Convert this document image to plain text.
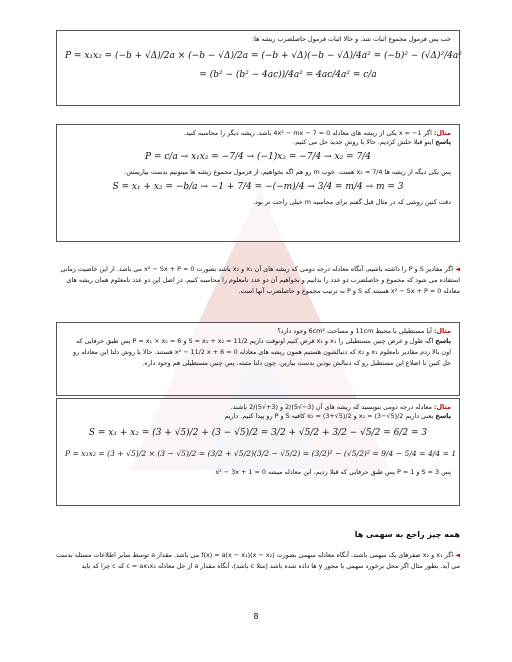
خب پس فرمول مجموع اثبات شد. و حالا اثبات فرمول حاصلضرب ریشه ها:
P = x₁x₂ = (−b + √Δ)/2a × (−b − √Δ)/2a = (−b + √Δ)(−b − √Δ)/4a² = (−b)² − (√Δ)²/4a²
= (b² − (b² − 4ac))/4a² = 4ac/4a² = c/a
مثال: اگر x = −1 یکی از ریشه های معادله 4x² − mx − 7 = 0 باشد، ریشه دیگر را محاسبه کنید.
پاسخ اینو قبلا حلش کردیم. حالا با روش جدید حل می کنیم.
P = c/a → x₁x₂ = −7/4 → (−1)x₂ = −7/4 → x₂ = 7/4
پس یکی دیگه از ریشه ها x₂ = 7/4 هست. خوب m رو هم اگه بخواهیم، از فرمول مجموع ریشه ها میتونیم بدست بیاریمش.
S = x₁ + x₂ = −b/a → −1 + 7/4 = −(−m)/4 → 3/4 = m/4 → m = 3
دقت کنین روشی که در مثال قبل گفتم برای محاسبه m خیلی راحت تر بود.
◄ اگر مقادیر S و P را داشته باشیم، آنگاه معادله درجه دومی که ریشه های آن x₁ و x₂ باشد بصورت x² − Sx + P = 0 می باشد. از این خاصیت زمانی استفاده می شود که مجموع و حاصلضرب دو عدد را بدانیم و بخواهیم آن دو عدد نامعلوم را محاسبه کنیم. در اصل این دو عدد نامعلوم همان ریشه های معادله x² − Sx + P = 0 هستند که S و P به ترتیب مجموع و حاصلضرب آنها است.
مثال: آیا مستطیلی با محیط 11cm و مساحت 6cm² وجود دارد؟
پاسخ اگه طول و عرض چنین مستطیلی را x₁ و x₂ فرض کنیم اونوقت داریم S = x₁ + x₂ = 11/2 و P = x₁ × x₂ = 6 پس طبق حرفایی که اون بالا زدم مقادیر نامعلوم x₁ و x₂ که دنبالشون هستیم همون ریشه های معادله x² − 11/2 x + 6 = 0 هستند. حالا با روش دلتا این معادله رو حل کنین تا اضلاع این مستطیل رو که دنبالش بودین بدست بیارین. چون دلتا مثبته، پس چنین مستطیلی هم وجود داره.
مثال: معادله درجه دومی بنویسید که ریشه های آن (3−√5)/2 و (3+√5)/2 باشند.
پاسخ یعنی داریم x₁ = (3−√5)/2 و x₂ = (3+√5)/2 کافیه S و P رو پیدا کنیم. داریم
S = x₁ + x₂ = (3 + √5)/2 + (3 − √5)/2 = 3/2 + √5/2 + 3/2 − √5/2 = 6/2 = 3
P = x₁x₂ = (3 + √5)/2 × (3 − √5)/2 = (3/2 + √5/2)(3/2 − √5/2) = (3/2)² − (√5/2)² = 9/4 − 5/4 = 4/4 = 1
پس S = 3 و P = 1 پس طبق حرفایی که قبلا زدیم، این معادله میشه x² − 3x + 1 = 0
همه چیز راجع به سهمی ها
◄ اگر x₁ و x₂ صفرهای یک سهمی باشند، آنگاه معادله سهمی بصورت f(x) = a(x − x₁)(x − x₂) می باشد. مقدار a توسط سایر اطلاعات مسئله بدست می آید. بطور مثال اگر محل برخورد سهمی با محور y ها داده شده باشد (مثلا c باشد)، آنگاه مقدار a از حل معادله c = ax₁x₂ که c چرا که باید
8
